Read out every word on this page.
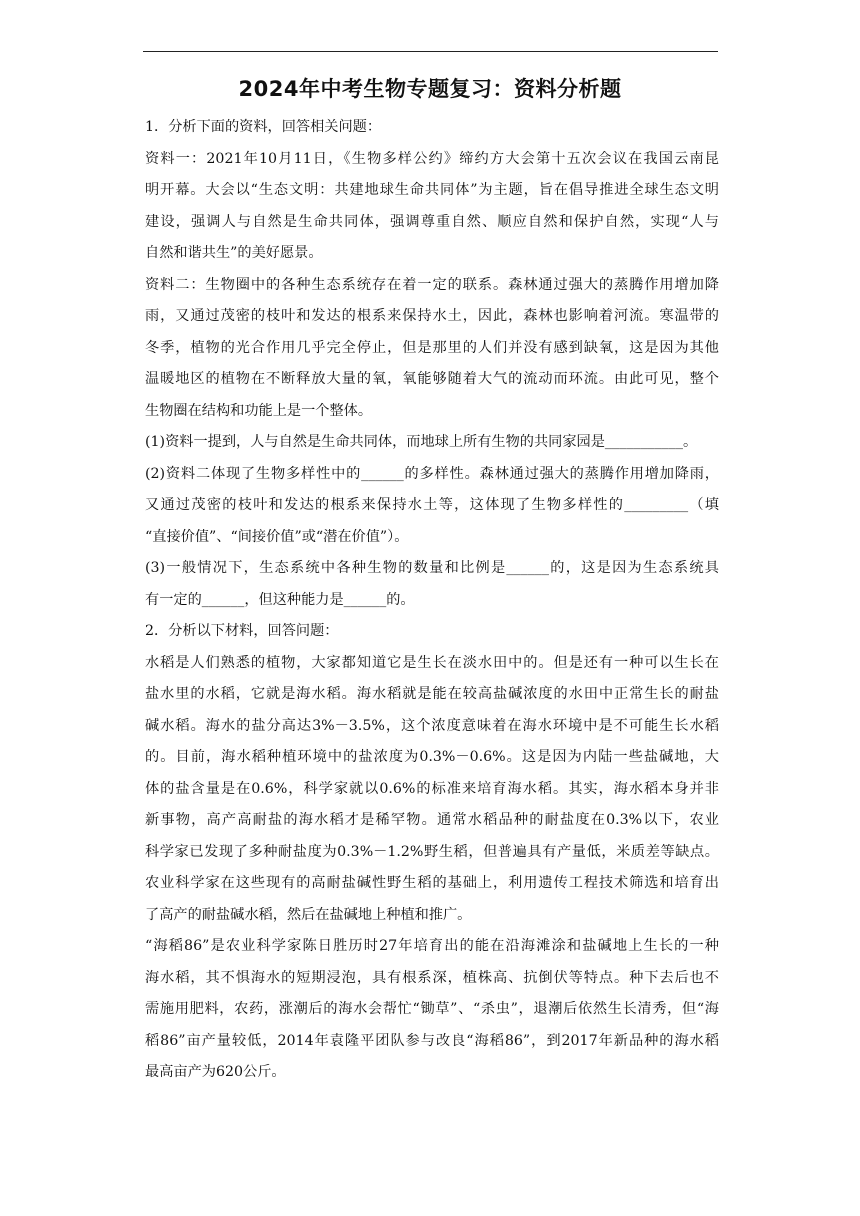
2024年中考生物专题复习：资料分析题
1．分析下面的资料，回答相关问题：
资料一：2021年10月11日，《生物多样公约》缔约方大会第十五次会议在我国云南昆
明开幕。大会以“生态文明：共建地球生命共同体”为主题，旨在倡导推进全球生态文明
建设，强调人与自然是生命共同体，强调尊重自然、顺应自然和保护自然，实现“人与
自然和谐共生”的美好愿景。
资料二：生物圈中的各种生态系统存在着一定的联系。森林通过强大的蒸腾作用增加降
雨，又通过茂密的枝叶和发达的根系来保持水土，因此，森林也影响着河流。寒温带的
冬季，植物的光合作用几乎完全停止，但是那里的人们并没有感到缺氧，这是因为其他
温暖地区的植物在不断释放大量的氧，氧能够随着大气的流动而环流。由此可见，整个
生物圈在结构和功能上是一个整体。
(1)资料一提到，人与自然是生命共同体，而地球上所有生物的共同家园是___________。
(2)资料二体现了生物多样性中的______的多样性。森林通过强大的蒸腾作用增加降雨，
又通过茂密的枝叶和发达的根系来保持水土等，这体现了生物多样性的_________（填
“直接价值”、“间接价值”或“潜在价值”）。
(3)一般情况下，生态系统中各种生物的数量和比例是______的，这是因为生态系统具
有一定的______，但这种能力是______的。
2．分析以下材料，回答问题：
水稻是人们熟悉的植物，大家都知道它是生长在淡水田中的。但是还有一种可以生长在
盐水里的水稻，它就是海水稻。海水稻就是能在较高盐碱浓度的水田中正常生长的耐盐
碱水稻。海水的盐分高达3%－3.5%，这个浓度意味着在海水环境中是不可能生长水稻
的。目前，海水稻种植环境中的盐浓度为0.3%－0.6%。这是因为内陆一些盐碱地，大
体的盐含量是在0.6%，科学家就以0.6%的标准来培育海水稻。其实，海水稻本身并非
新事物，高产高耐盐的海水稻才是稀罕物。通常水稻品种的耐盐度在0.3%以下，农业
科学家已发现了多种耐盐度为0.3%－1.2%野生稻，但普遍具有产量低，米质差等缺点。
农业科学家在这些现有的高耐盐碱性野生稻的基础上，利用遗传工程技术筛选和培育出
了高产的耐盐碱水稻，然后在盐碱地上种植和推广。
“海稻86”是农业科学家陈日胜历时27年培育出的能在沿海滩涂和盐碱地上生长的一种
海水稻，其不惧海水的短期浸泡，具有根系深，植株高、抗倒伏等特点。种下去后也不
需施用肥料，农药，涨潮后的海水会帮忙“锄草”、“杀虫”，退潮后依然生长清秀，但“海
稻86”亩产量较低，2014年袁隆平团队参与改良“海稻86”，到2017年新品种的海水稻
最高亩产为620公斤。
